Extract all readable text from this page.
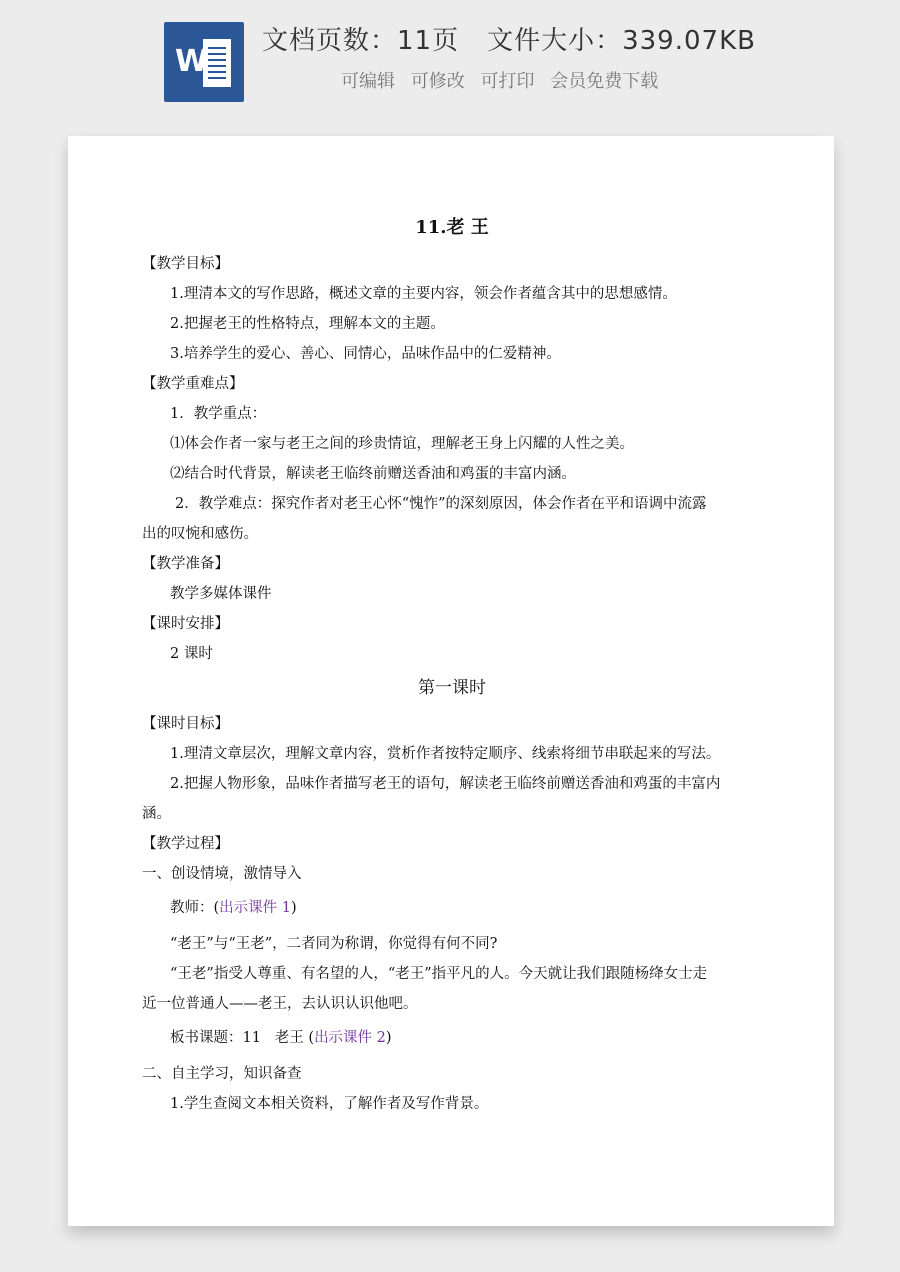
W
文档页数：11页 文件大小：339.07KB
可编辑 可修改 可打印 会员免费下载
11.老 王
【教学目标】
1.理清本文的写作思路，概述文章的主要内容，领会作者蕴含其中的思想感情。
2.把握老王的性格特点，理解本文的主题。
3.培养学生的爱心、善心、同情心，品味作品中的仁爱精神。
【教学重难点】
1．教学重点：
⑴体会作者一家与老王之间的珍贵情谊，理解老王身上闪耀的人性之美。
⑵结合时代背景，解读老王临终前赠送香油和鸡蛋的丰富内涵。
2．教学难点：探究作者对老王心怀“愧怍”的深刻原因，体会作者在平和语调中流露
出的叹惋和感伤。
【教学准备】
教学多媒体课件
【课时安排】
2 课时
第一课时
【课时目标】
1.理清文章层次，理解文章内容，赏析作者按特定顺序、线索将细节串联起来的写法。
2.把握人物形象，品味作者描写老王的语句，解读老王临终前赠送香油和鸡蛋的丰富内
涵。
【教学过程】
一、创设情境，激情导入
教师：(出示课件 1)
“老王”与“王老”，二者同为称谓，你觉得有何不同?
“王老”指受人尊重、有名望的人，“老王”指平凡的人。今天就让我们跟随杨绛女士走
近一位普通人——老王，去认识认识他吧。
板书课题：11 老王 (出示课件 2)
二、自主学习，知识备查
1.学生查阅文本相关资料，了解作者及写作背景。
